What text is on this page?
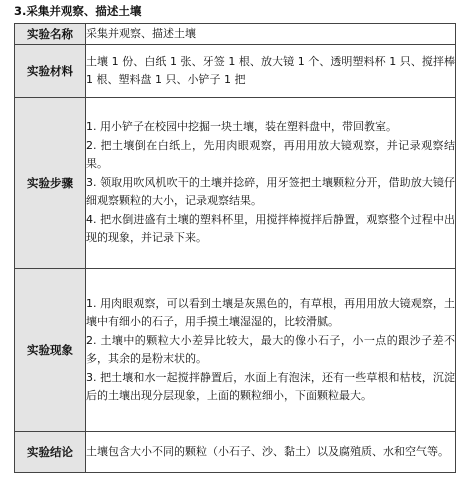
3.采集并观察、描述土壤
实验名称	采集并观察、描述土壤

实验材料	土壤 1 份、白纸 1 张、牙签 1 根、放大镜 1 个、透明塑料杯 1 只、搅拌棒 1 根、塑料盘 1 只、小铲子 1 把

实验步骤	1. 用小铲子在校园中挖掘一块土壤，装在塑料盘中，带回教室。
2. 把土壤倒在白纸上，先用肉眼观察，再用用放大镜观察，并记录观察结果。
3. 领取用吹风机吹干的土壤并捻碎，用牙签把土壤颗粒分开，借助放大镜仔细观察颗粒的大小，记录观察结果。
4. 把水倒进盛有土壤的塑料杯里，用搅拌棒搅拌后静置，观察整个过程中出现的现象，并记录下来。

实验现象	1. 用肉眼观察，可以看到土壤是灰黑色的，有草根，再用用放大镜观察，土壤中有细小的石子，用手摸土壤湿湿的，比较滑腻。
2. 土壤中的颗粒大小差异比较大，最大的像小石子，小一点的跟沙子差不多，其余的是粉末状的。
3. 把土壤和水一起搅拌静置后，水面上有泡沫，还有一些草根和枯枝，沉淀后的土壤出现分层现象，上面的颗粒细小，下面颗粒最大。

实验结论	土壤包含大小不同的颗粒（小石子、沙、黏土）以及腐殖质、水和空气等。
